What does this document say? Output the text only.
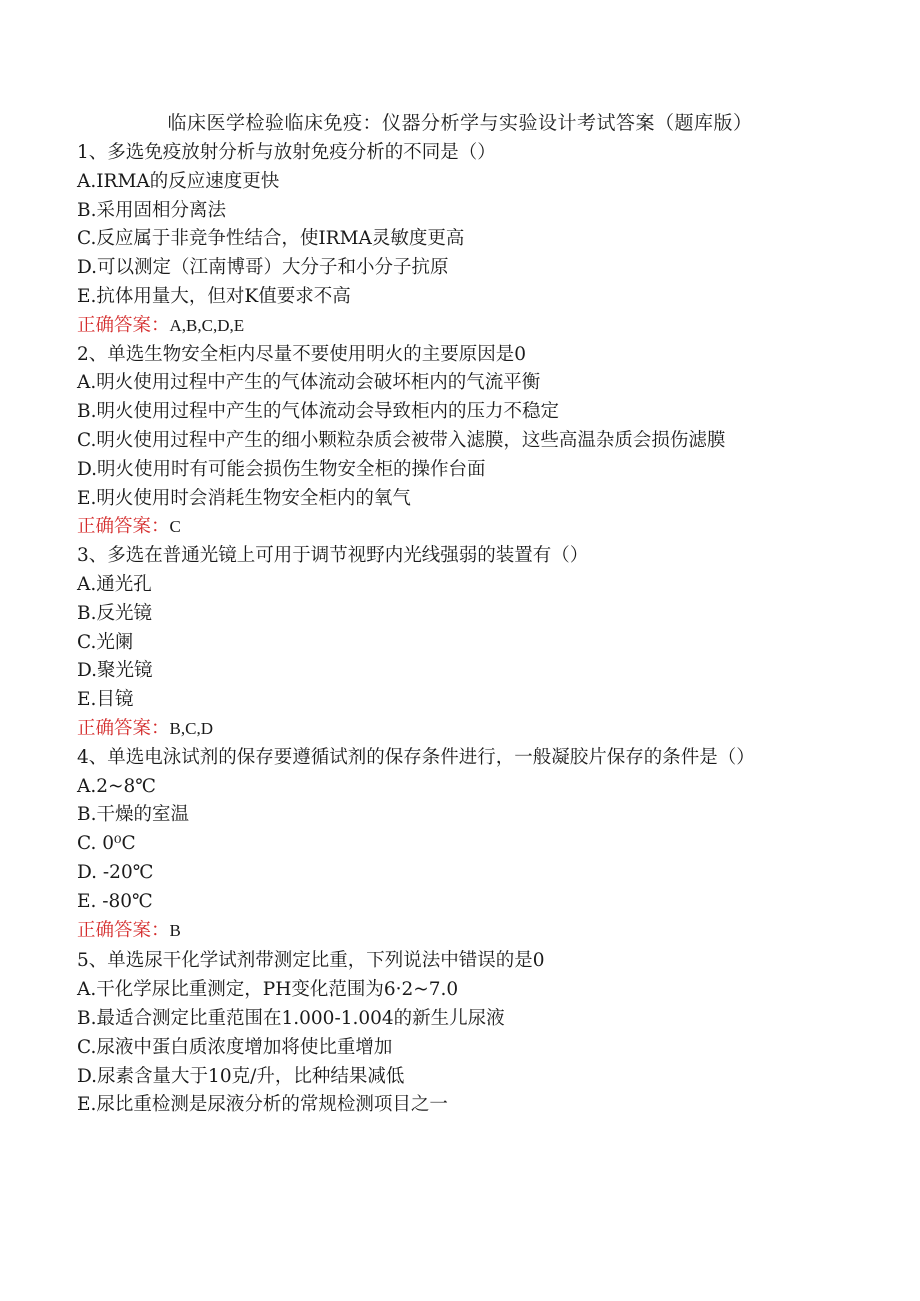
临床医学检验临床免疫：仪器分析学与实验设计考试答案（题库版）
1、多选免疫放射分析与放射免疫分析的不同是（）
A.IRMA的反应速度更快
B.采用固相分离法
C.反应属于非竞争性结合，使IRMA灵敏度更高
D.可以测定（江南博哥）大分子和小分子抗原
E.抗体用量大，但对K值要求不高
正确答案：A,B,C,D,E
2、单选生物安全柜内尽量不要使用明火的主要原因是0
A.明火使用过程中产生的气体流动会破坏柜内的气流平衡
B.明火使用过程中产生的气体流动会导致柜内的压力不稳定
C.明火使用过程中产生的细小颗粒杂质会被带入滤膜，这些高温杂质会损伤滤膜
D.明火使用时有可能会损伤生物安全柜的操作台面
E.明火使用时会消耗生物安全柜内的氧气
正确答案：C
3、多选在普通光镜上可用于调节视野内光线强弱的装置有（）
A.通光孔
B.反光镜
C.光阑
D.聚光镜
E.目镜
正确答案：B,C,D
4、单选电泳试剂的保存要遵循试剂的保存条件进行，一般凝胶片保存的条件是（）
A.2~8℃
B.干燥的室温
C. 0⁰C
D. -20℃
E. -80℃
正确答案：B
5、单选尿干化学试剂带测定比重，下列说法中错误的是0
A.干化学尿比重测定，PH变化范围为6·2~7.0
B.最适合测定比重范围在1.000-1.004的新生儿尿液
C.尿液中蛋白质浓度增加将使比重增加
D.尿素含量大于10克/升，比种结果减低
E.尿比重检测是尿液分析的常规检测项目之一
